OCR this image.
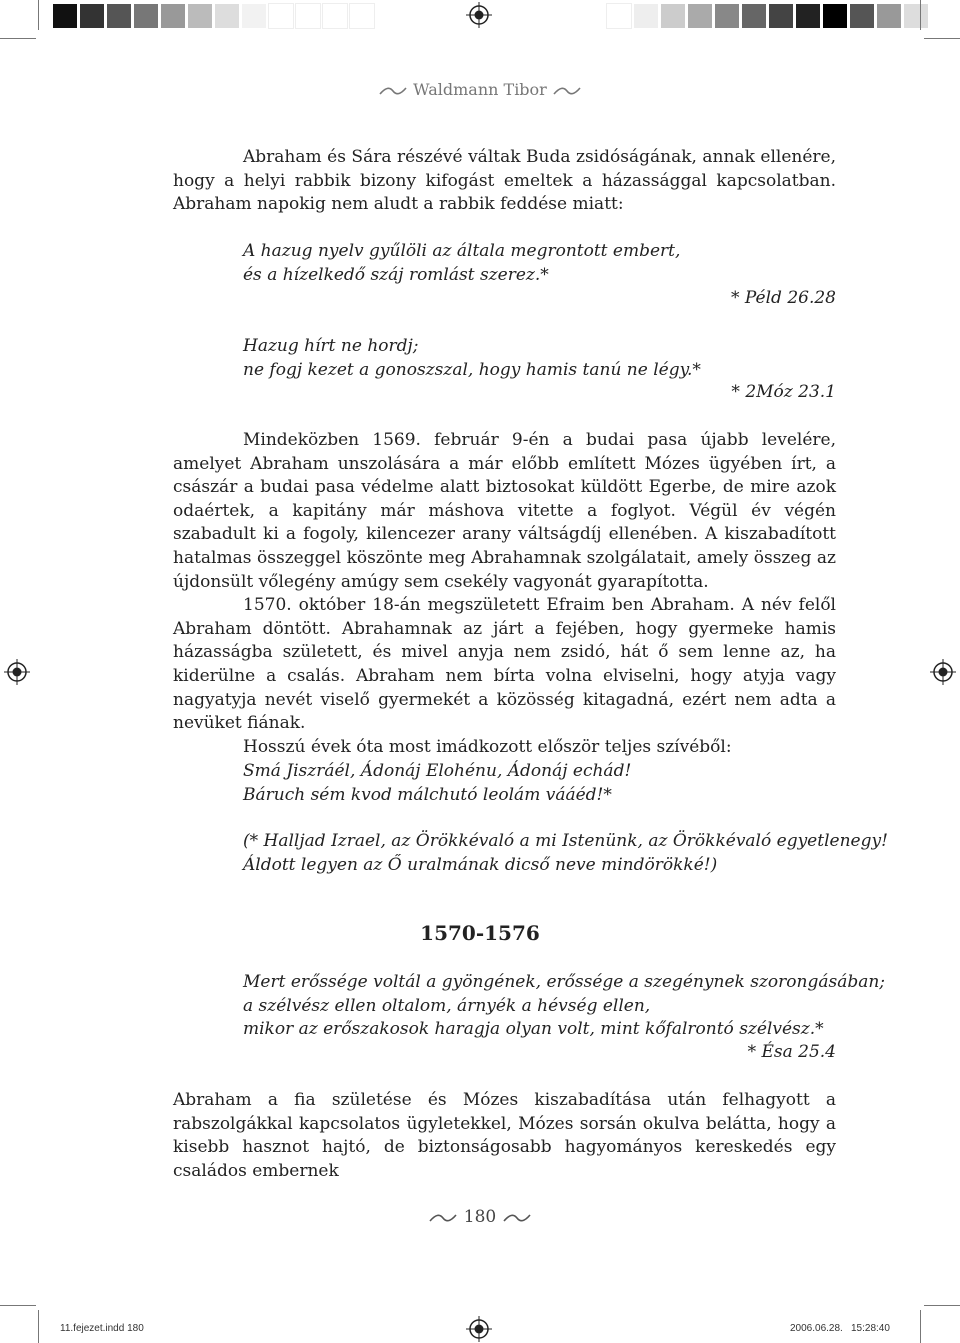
Waldmann Tibor

Abraham és Sára részévé váltak Buda zsidóságának, annak ellenére, hogy a helyi rabbik bizony kifogást emeltek a házassággal kapcsolatban. Abraham napokig nem aludt a rabbik feddése miatt:

A hazug nyelv gyűlöli az általa megrontott embert,
és a hízelkedő száj romlást szerez.*
* Péld 26.28
Hazug hírt ne hordj;
ne fogj kezet a gonoszszal, hogy hamis tanú ne légy.*
* 2Móz 23.1

Mindeközben 1569. február 9-én a budai pasa újabb levelére, amelyet Abraham unszolására a már előbb említett Mózes ügyében írt, a császár a budai pasa védelme alatt biztosokat küldött Egerbe, de mire azok odaértek, a kapitány már máshova vitette a foglyot. Végül év végén szabadult ki a fogoly, kilencezer arany váltságdíj ellenében. A kiszabadított hatalmas összeggel köszönte meg Abrahamnak szolgálatait, amely összeg az újdonsült vőlegény amúgy sem csekély vagyonát gyarapította.

1570. október 18-án megszületett Efraim ben Abraham. A név felől Abraham döntött. Abrahamnak az járt a fejében, hogy gyermeke hamis házasságba született, és mivel anyja nem zsidó, hát ő sem lenne az, ha kiderülne a csalás. Abraham nem bírta volna elviselni, hogy atyja vagy nagyatyja nevét viselő gyermekét a közösség kitagadná, ezért nem adta a nevüket fiának.

Hosszú évek óta most imádkozott először teljes szívéből:

Smá Jiszráél, Ádonáj Elohénu, Ádonáj echád!
Báruch sém kvod málchutó leolám vááéd!*
(* Halljad Izrael, az Örökkévaló a mi Istenünk, az Örökkévaló egyetlenegy!
Áldott legyen az Ő uralmának dicső neve mindörökké!)
1570-1576
Mert erőssége voltál a gyöngének, erőssége a szegénynek szorongásában;
a szélvész ellen oltalom, árnyék a hévség ellen,
mikor az erőszakosok haragja olyan volt, mint kőfalrontó szélvész.*
* Ésa 25.4

Abraham a fia születése és Mózes kiszabadítása után felhagyott a rabszolgákkal kapcsolatos ügyletekkel, Mózes sorsán okulva belátta, hogy a kisebb hasznot hajtó, de biztonságosabb hagyományos kereskedés egy családos embernek

180
11.fejezet.indd 180	2006.06.28. 15:28:40
